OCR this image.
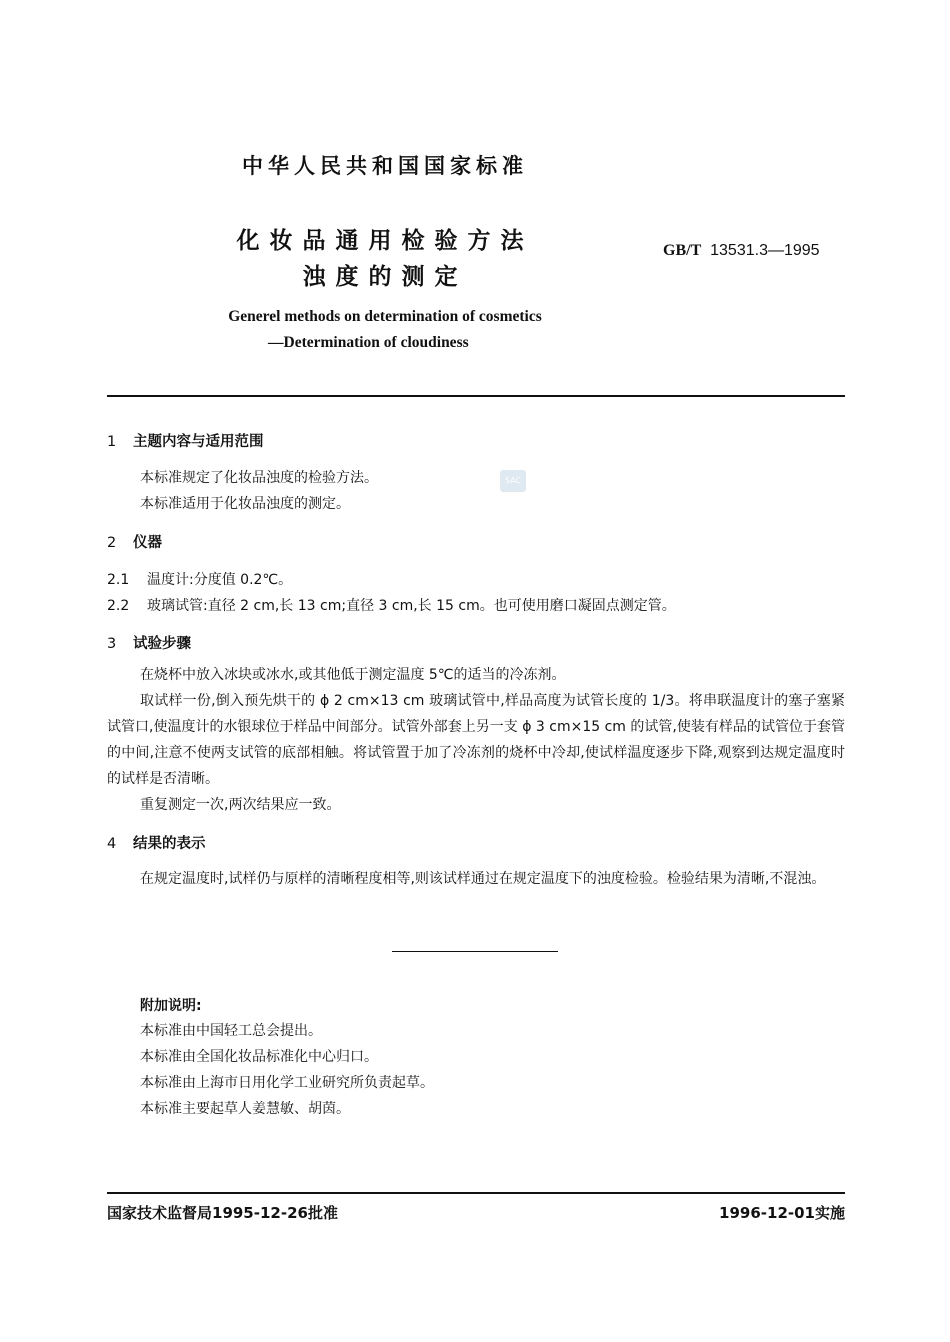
中华人民共和国国家标准
化妆品通用检验方法
浊度的测定
GB/T 13531.3—1995
Generel methods on determination of cosmetics
—Determination of cloudiness
SAC
1 主题内容与适用范围
本标准规定了化妆品浊度的检验方法。
本标准适用于化妆品浊度的测定。
2 仪器
2.1 温度计:分度值 0.2℃。
2.2 玻璃试管:直径 2 cm,长 13 cm;直径 3 cm,长 15 cm。也可使用磨口凝固点测定管。
3 试验步骤
在烧杯中放入冰块或冰水,或其他低于测定温度 5℃的适当的冷冻剂。
取试样一份,倒入预先烘干的 ϕ 2 cm×13 cm 玻璃试管中,样品高度为试管长度的 1/3。将串联温度计的塞子塞紧试管口,使温度计的水银球位于样品中间部分。试管外部套上另一支 ϕ 3 cm×15 cm 的试管,使装有样品的试管位于套管的中间,注意不使两支试管的底部相触。将试管置于加了冷冻剂的烧杯中冷却,使试样温度逐步下降,观察到达规定温度时的试样是否清晰。
重复测定一次,两次结果应一致。
4 结果的表示
在规定温度时,试样仍与原样的清晰程度相等,则该试样通过在规定温度下的浊度检验。检验结果为清晰,不混浊。
附加说明:
本标准由中国轻工总会提出。
本标准由全国化妆品标准化中心归口。
本标准由上海市日用化学工业研究所负责起草。
本标准主要起草人姜慧敏、胡茵。
国家技术监督局1995-12-26批准	1996-12-01实施
